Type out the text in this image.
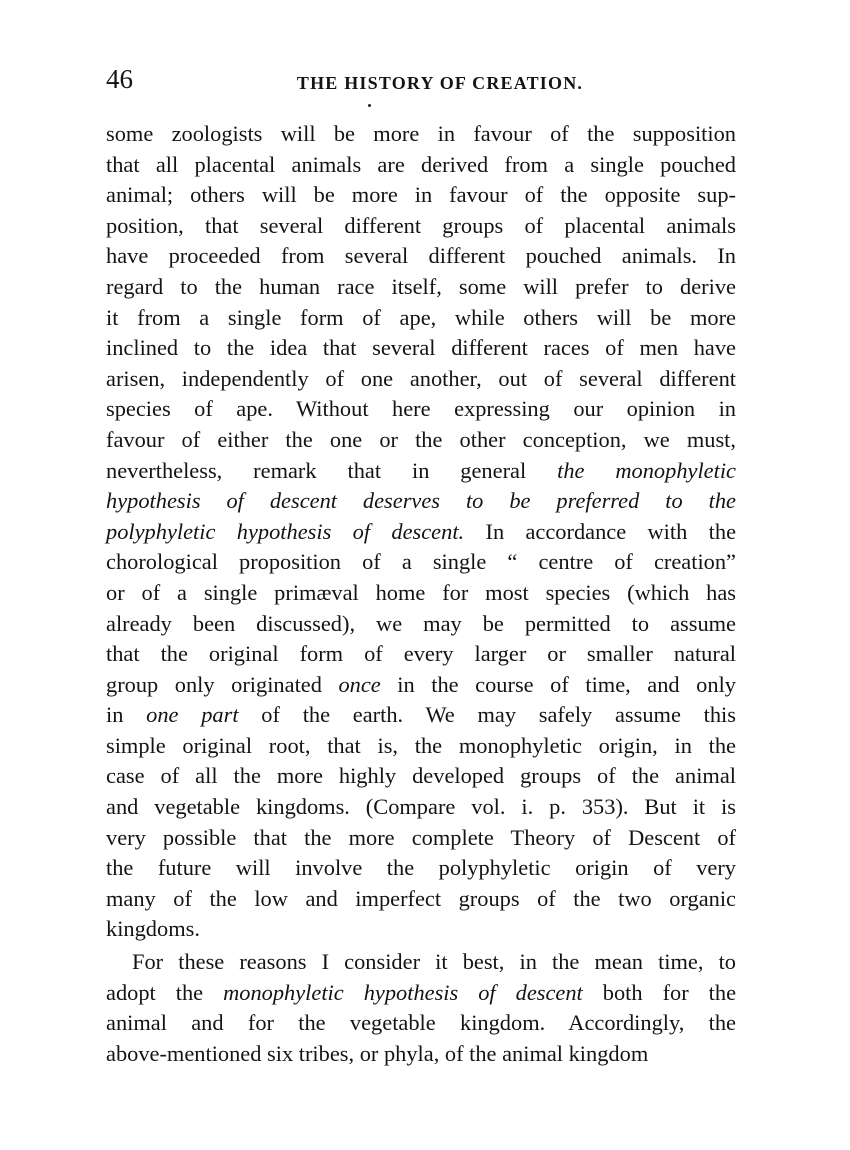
46	THE HISTORY OF CREATION.
some zoologists will be more in favour of the supposition
that all placental animals are derived from a single pouched
animal; others will be more in favour of the opposite sup-
position, that several different groups of placental animals
have proceeded from several different pouched animals. In
regard to the human race itself, some will prefer to derive
it from a single form of ape, while others will be more
inclined to the idea that several different races of men have
arisen, independently of one another, out of several different
species of ape. Without here expressing our opinion in
favour of either the one or the other conception, we must,
nevertheless, remark that in general the monophyletic
hypothesis of descent deserves to be preferred to the
polyphyletic hypothesis of descent. In accordance with the
chorological proposition of a single “ centre of creation”
or of a single primæval home for most species (which has
already been discussed), we may be permitted to assume
that the original form of every larger or smaller natural
group only originated once in the course of time, and only
in one part of the earth. We may safely assume this
simple original root, that is, the monophyletic origin, in the
case of all the more highly developed groups of the animal
and vegetable kingdoms. (Compare vol. i. p. 353). But it is
very possible that the more complete Theory of Descent of
the future will involve the polyphyletic origin of very
many of the low and imperfect groups of the two organic
kingdoms.
For these reasons I consider it best, in the mean time, to
adopt the monophyletic hypothesis of descent both for the
animal and for the vegetable kingdom. Accordingly, the
above-mentioned six tribes, or phyla, of the animal kingdom
